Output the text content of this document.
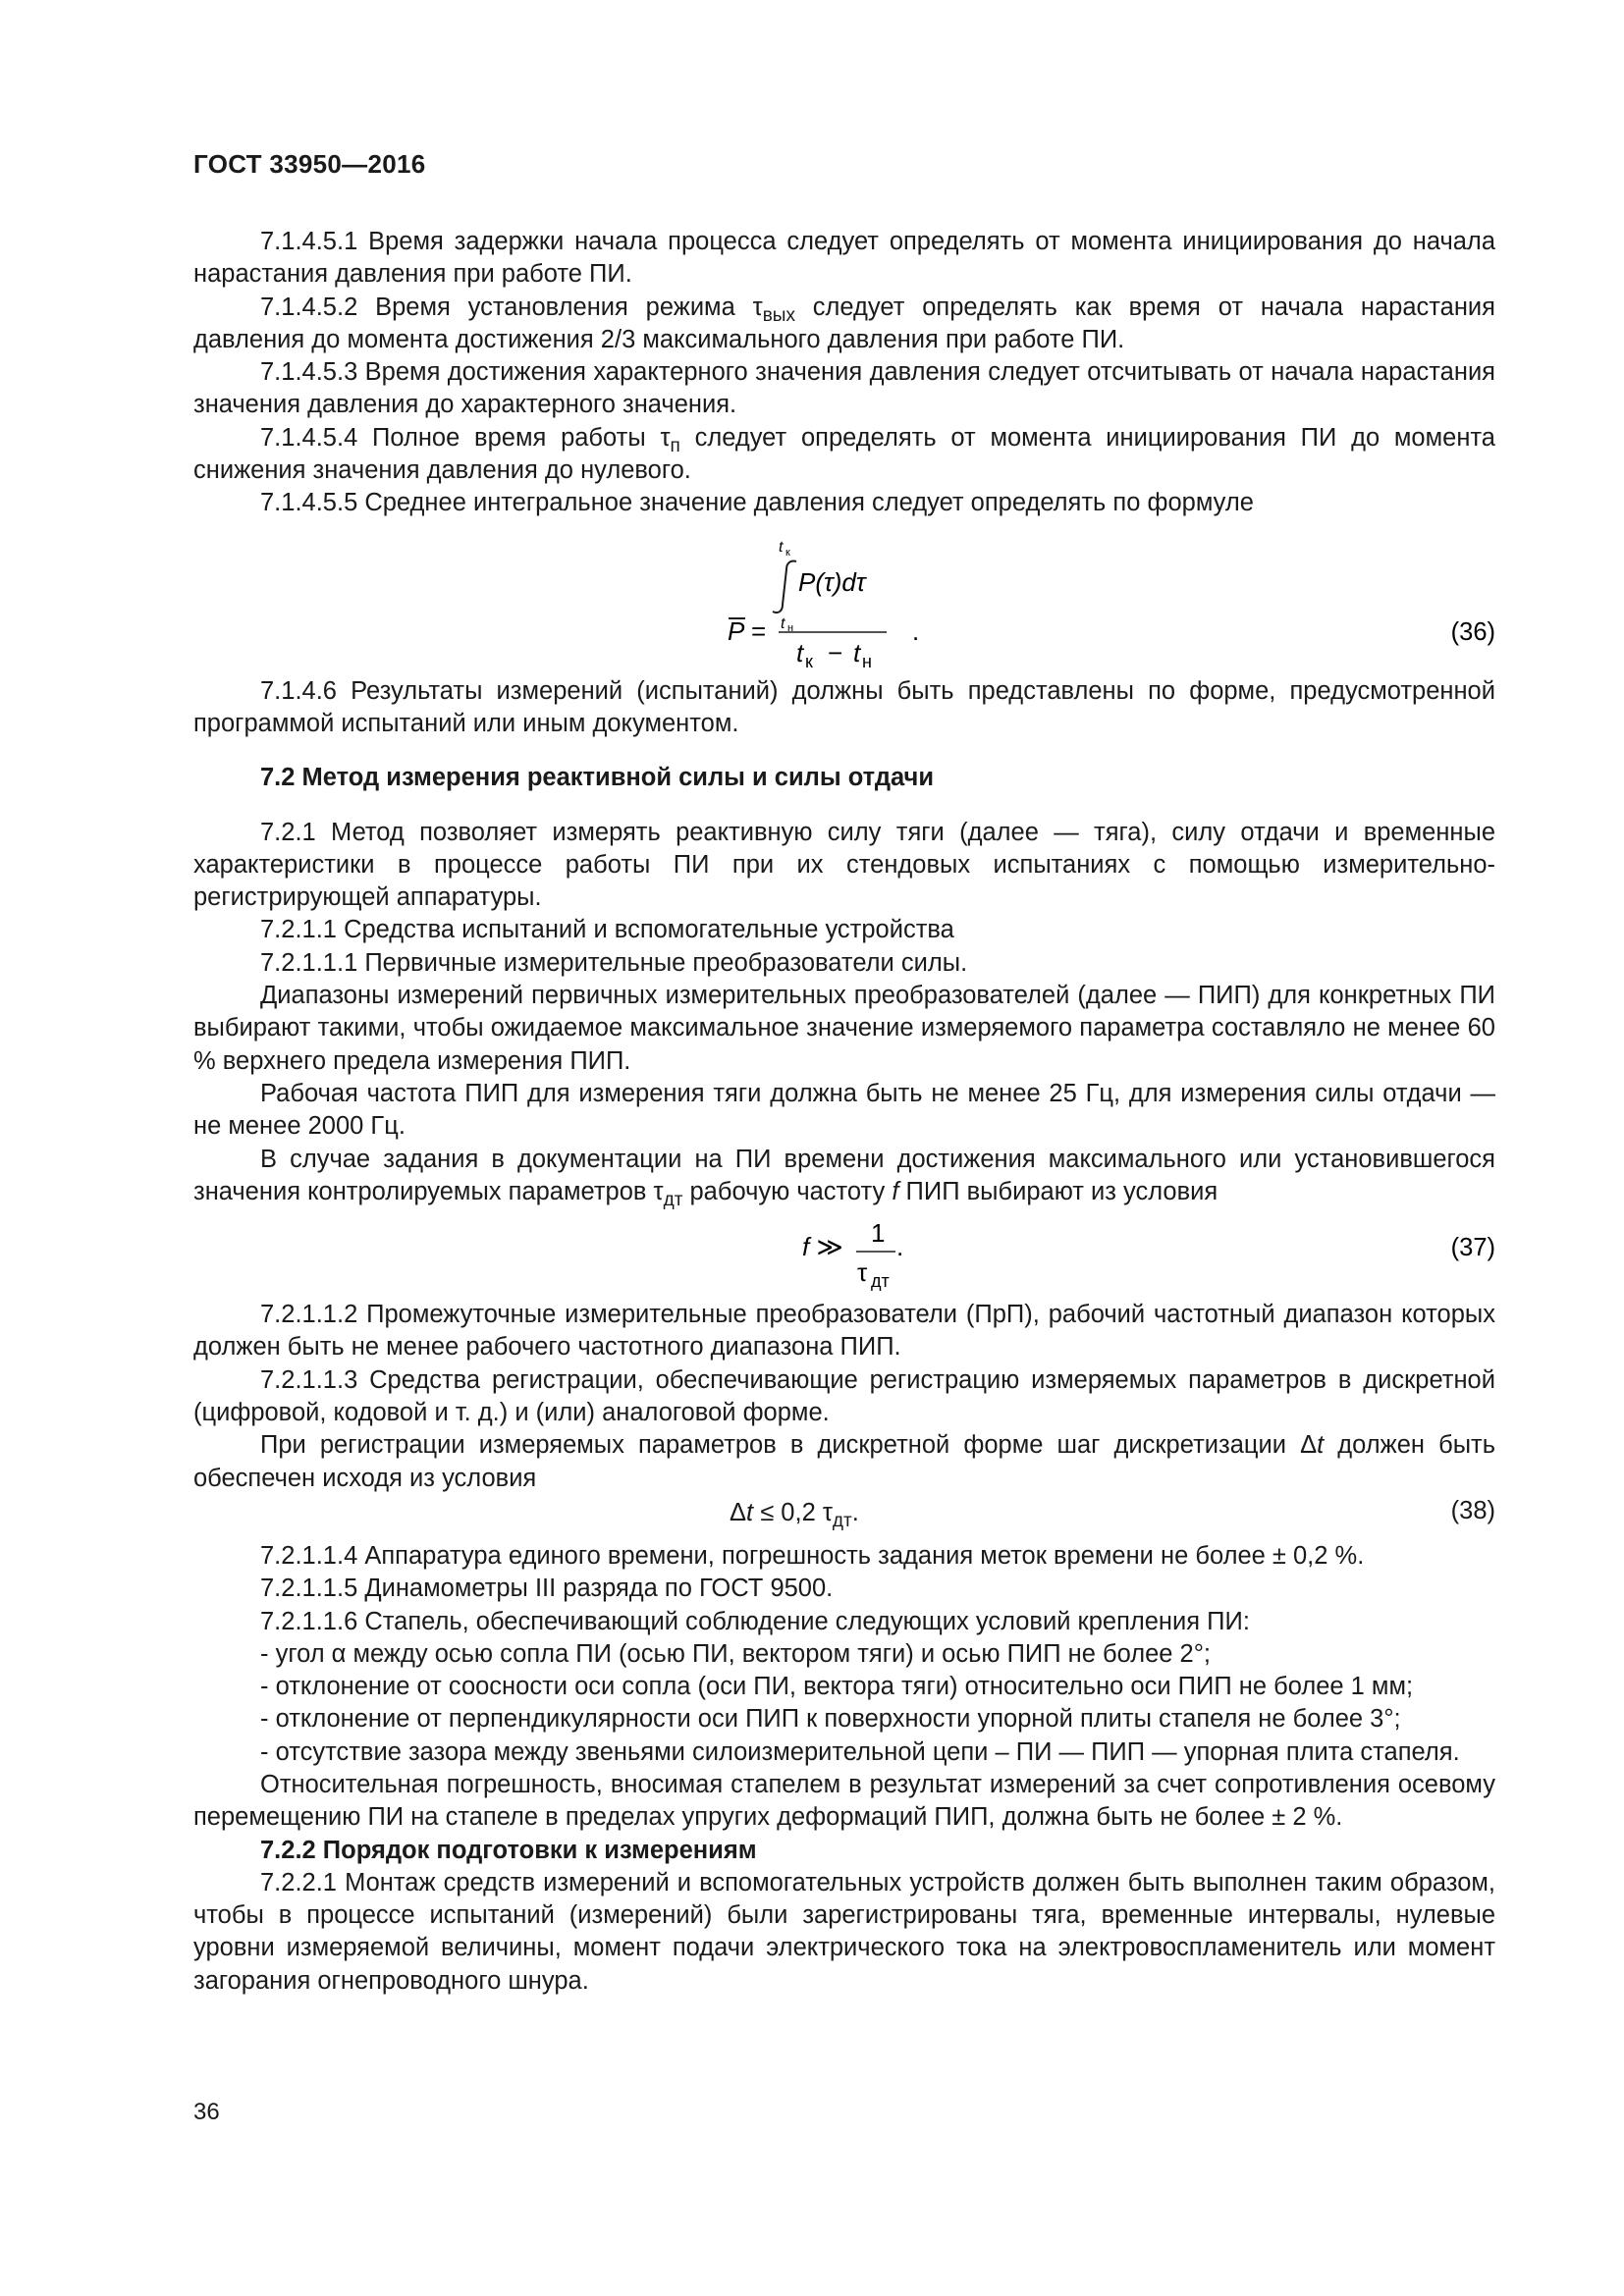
ГОСТ 33950—2016

7.1.4.5.1 Время задержки начала процесса следует определять от момента инициирования до начала нарастания давления при работе ПИ.

7.1.4.5.2 Время установления режима $\tau_{вых}$ следует определять как время от начала нарастания давления до момента достижения 2/3 максимального давления при работе ПИ.

7.1.4.5.3 Время достижения характерного значения давления следует отсчитывать от начала нарастания значения давления до характерного значения.

7.1.4.5.4 Полное время работы $\tau_п$ следует определять от момента инициирования ПИ до момента снижения значения давления до нулевого.

7.1.4.5.5 Среднее интегральное значение давления следует определять по формуле

t к
P(τ)dτ
t н
P =
t к − t н
.	(36)

7.1.4.6 Результаты измерений (испытаний) должны быть представлены по форме, предусмотренной программой испытаний или иным документом.

7.2 Метод измерения реактивной силы и силы отдачи

7.2.1 Метод позволяет измерять реактивную силу тяги (далее — тяга), силу отдачи и временные характеристики в процессе работы ПИ при их стендовых испытаниях с помощью измерительно-регистрирующей аппаратуры.

7.2.1.1 Средства испытаний и вспомогательные устройства

7.2.1.1.1 Первичные измерительные преобразователи силы.

Диапазоны измерений первичных измерительных преобразователей (далее — ПИП) для конкретных ПИ выбирают такими, чтобы ожидаемое максимальное значение измеряемого параметра составляло не менее 60 % верхнего предела измерения ПИП.

Рабочая частота ПИП для измерения тяги должна быть не менее 25 Гц, для измерения силы отдачи — не менее 2000 Гц.

В случае задания в документации на ПИ времени достижения максимального или установившегося значения контролируемых параметров $\tau_{дт}$ рабочую частоту f ПИП выбирают из условия

f ≫ 1
τ дт
.	(37)

7.2.1.1.2 Промежуточные измерительные преобразователи (ПрП), рабочий частотный диапазон которых должен быть не менее рабочего частотного диапазона ПИП.

7.2.1.1.3 Средства регистрации, обеспечивающие регистрацию измеряемых параметров в дискретной (цифровой, кодовой и т. д.) и (или) аналоговой форме.

При регистрации измеряемых параметров в дискретной форме шаг дискретизации Δt должен быть обеспечен исходя из условия

Δt ≤ 0,2 $\tau_{дт}$.	(38)

7.2.1.1.4 Аппаратура единого времени, погрешность задания меток времени не более ± 0,2 %.

7.2.1.1.5 Динамометры III разряда по ГОСТ 9500.

7.2.1.1.6 Стапель, обеспечивающий соблюдение следующих условий крепления ПИ:

- угол α между осью сопла ПИ (осью ПИ, вектором тяги) и осью ПИП не более 2°;

- отклонение от соосности оси сопла (оси ПИ, вектора тяги) относительно оси ПИП не более 1 мм;

- отклонение от перпендикулярности оси ПИП к поверхности упорной плиты стапеля не более 3°;

- отсутствие зазора между звеньями силоизмерительной цепи – ПИ — ПИП — упорная плита стапеля.

Относительная погрешность, вносимая стапелем в результат измерений за счет сопротивления осевому перемещению ПИ на стапеле в пределах упругих деформаций ПИП, должна быть не более ± 2 %.

7.2.2 Порядок подготовки к измерениям

7.2.2.1 Монтаж средств измерений и вспомогательных устройств должен быть выполнен таким образом, чтобы в процессе испытаний (измерений) были зарегистрированы тяга, временные интервалы, нулевые уровни измеряемой величины, момент подачи электрического тока на электровоспламенитель или момент загорания огнепроводного шнура.

36
